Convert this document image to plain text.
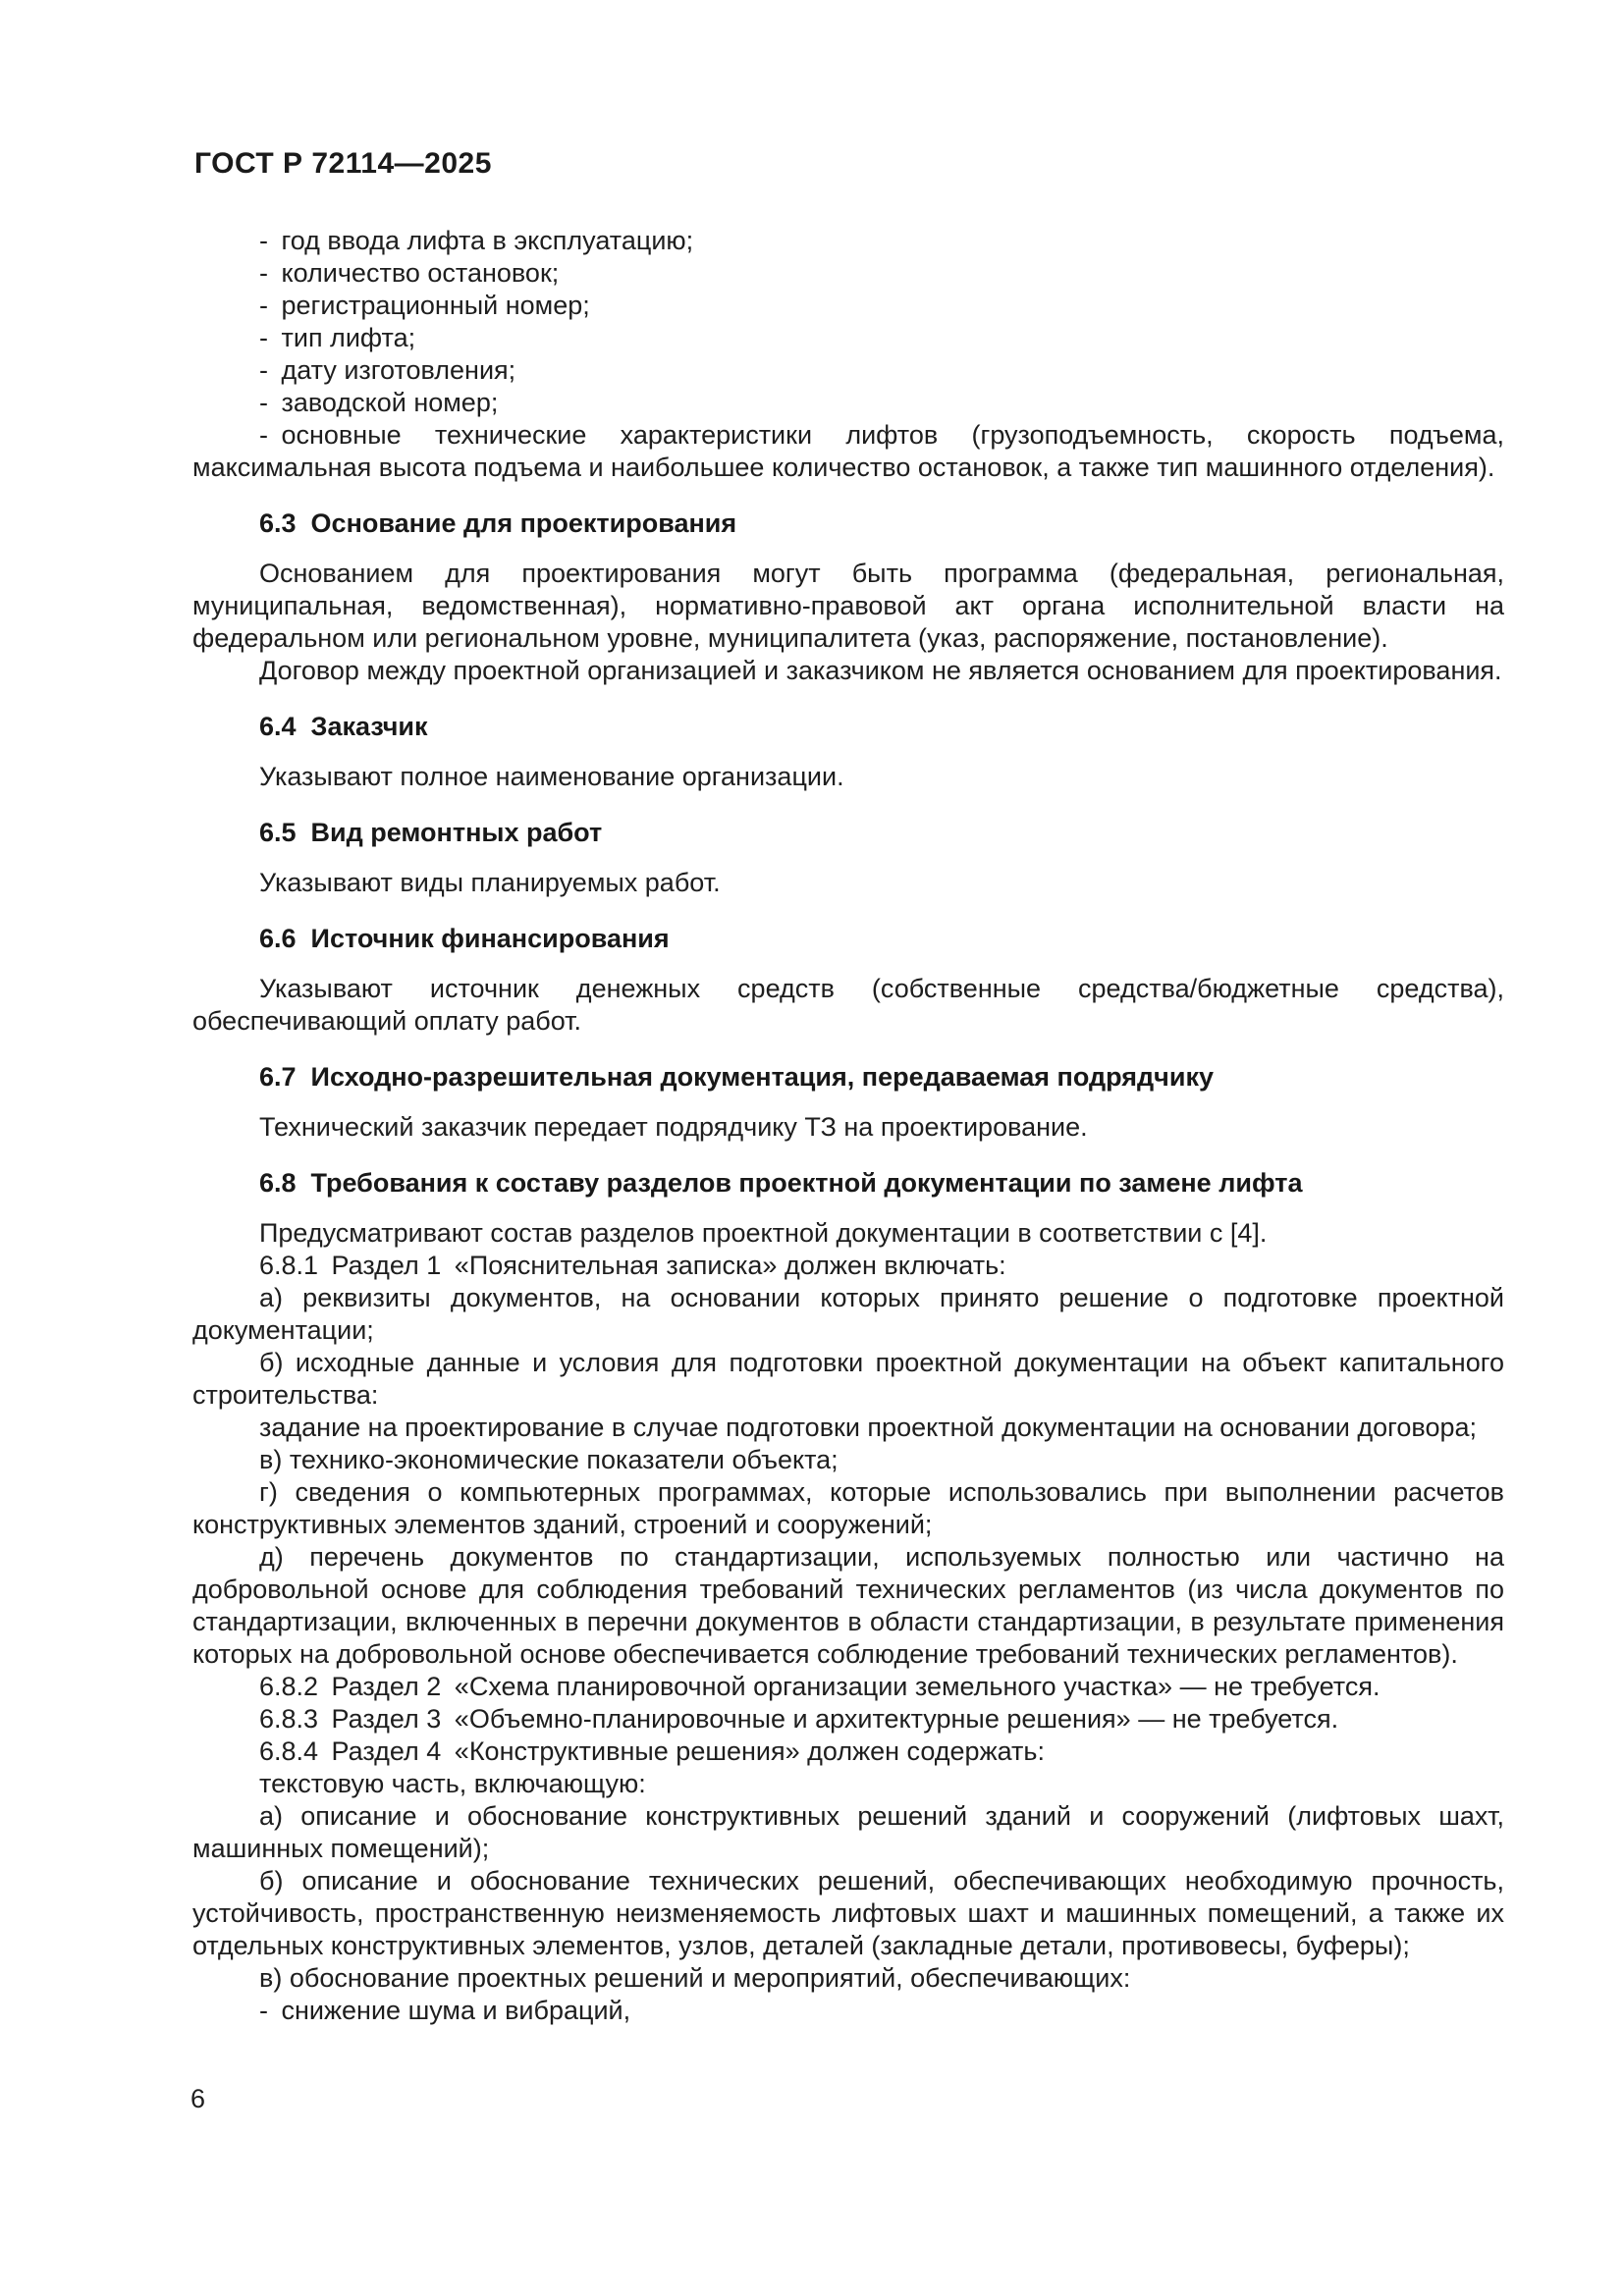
ГОСТ Р 72114—2025

- год ввода лифта в эксплуатацию;

- количество остановок;

- регистрационный номер;

- тип лифта;

- дату изготовления;

- заводской номер;

- основные технические характеристики лифтов (грузоподъемность, скорость подъема, максимальная высота подъема и наибольшее количество остановок, а также тип машинного отделения).

6.3 Основание для проектирования

Основанием для проектирования могут быть программа (федеральная, региональная, муниципальная, ведомственная), нормативно-правовой акт органа исполнительной власти на федеральном или региональном уровне, муниципалитета (указ, распоряжение, постановление).

Договор между проектной организацией и заказчиком не является основанием для проектирования.

6.4 Заказчик

Указывают полное наименование организации.

6.5 Вид ремонтных работ

Указывают виды планируемых работ.

6.6 Источник финансирования

Указывают источник денежных средств (собственные средства/бюджетные средства), обеспечивающий оплату работ.

6.7 Исходно-разрешительная документация, передаваемая подрядчику

Технический заказчик передает подрядчику ТЗ на проектирование.

6.8 Требования к составу разделов проектной документации по замене лифта

Предусматривают состав разделов проектной документации в соответствии с [4].

6.8.1 Раздел 1 «Пояснительная записка» должен включать:

а) реквизиты документов, на основании которых принято решение о подготовке проектной документации;

б) исходные данные и условия для подготовки проектной документации на объект капитального строительства:

задание на проектирование в случае подготовки проектной документации на основании договора;

в) технико-экономические показатели объекта;

г) сведения о компьютерных программах, которые использовались при выполнении расчетов конструктивных элементов зданий, строений и сооружений;

д) перечень документов по стандартизации, используемых полностью или частично на добровольной основе для соблюдения требований технических регламентов (из числа документов по стандартизации, включенных в перечни документов в области стандартизации, в результате применения которых на добровольной основе обеспечивается соблюдение требований технических регламентов).

6.8.2 Раздел 2 «Схема планировочной организации земельного участка» — не требуется.

6.8.3 Раздел 3 «Объемно-планировочные и архитектурные решения» — не требуется.

6.8.4 Раздел 4 «Конструктивные решения» должен содержать:

текстовую часть, включающую:

а) описание и обоснование конструктивных решений зданий и сооружений (лифтовых шахт, машинных помещений);

б) описание и обоснование технических решений, обеспечивающих необходимую прочность, устойчивость, пространственную неизменяемость лифтовых шахт и машинных помещений, а также их отдельных конструктивных элементов, узлов, деталей (закладные детали, противовесы, буферы);

в) обоснование проектных решений и мероприятий, обеспечивающих:

- снижение шума и вибраций,

6
